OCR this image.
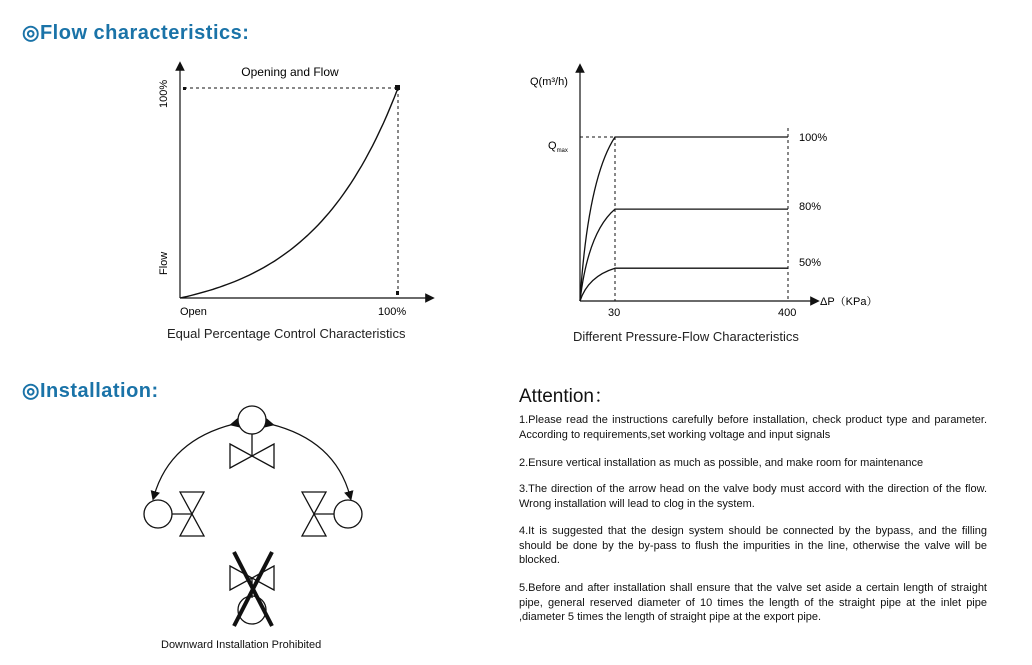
◎Flow characteristics:
◎Installation:
Opening and Flow
100%
Flow
Open	100%
Equal Percentage Control Characteristics
Q(m³/h)
$Q_{max}$
30	400
ΔP（KPa）
100%
80%
50%
Different Pressure-Flow Characteristics
Downward Installation Prohibited
Attention：
1.Please read the instructions carefully before installation, check product type and parameter. According to requirements,set working voltage and input signals
2.Ensure vertical installation as much as possible, and make room for maintenance
3.The direction of the arrow head on the valve body must accord with the direction of the flow. Wrong installation will lead to clog in the system.
4.It is suggested that the design system should be connected by the bypass, and the filling should be done by the by-pass to flush the impurities in the line, otherwise the valve will be blocked.
5.Before and after installation shall ensure that the valve set aside a certain length of straight pipe, general reserved diameter of 10 times the length of the straight pipe at the inlet pipe ,diameter 5 times the length of straight pipe at the export pipe.
